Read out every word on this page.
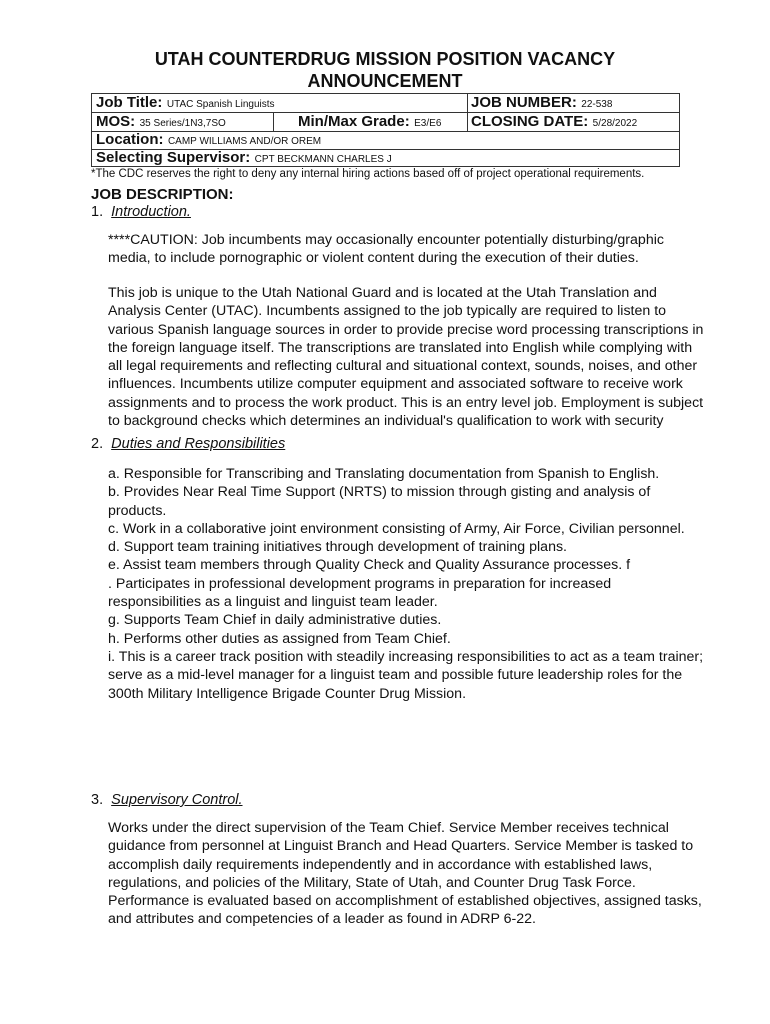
UTAH COUNTERDRUG MISSION POSITION VACANCY
ANNOUNCEMENT
Job Title: UTAC Spanish Linguists	JOB NUMBER: 22-538
MOS: 35 Series/1N3,7SO	Min/Max Grade: E3/E6 CLOSING DATE: 5/28/2022
Location: CAMP WILLIAMS AND/OR OREM
Selecting Supervisor: CPT BECKMANN CHARLES J
*The CDC reserves the right to deny any internal hiring actions based off of project operational requirements.
JOB DESCRIPTION:
1. Introduction.

****CAUTION: Job incumbents may occasionally encounter potentially disturbing/graphic

media, to include pornographic or violent content during the execution of their duties.

This job is unique to the Utah National Guard and is located at the Utah Translation and

Analysis Center (UTAC). Incumbents assigned to the job typically are required to listen to

various Spanish language sources in order to provide precise word processing transcriptions in

the foreign language itself. The transcriptions are translated into English while complying with

all legal requirements and reflecting cultural and situational context, sounds, noises, and other

influences. Incumbents utilize computer equipment and associated software to receive work

assignments and to process the work product. This is an entry level job. Employment is subject

to background checks which determines an individual's qualification to work with security

2. Duties and Responsibilities

a. Responsible for Transcribing and Translating documentation from Spanish to English.

b. Provides Near Real Time Support (NRTS) to mission through gisting and analysis of

products.

c. Work in a collaborative joint environment consisting of Army, Air Force, Civilian personnel.

d. Support team training initiatives through development of training plans.

e. Assist team members through Quality Check and Quality Assurance processes. f

. Participates in professional development programs in preparation for increased

responsibilities as a linguist and linguist team leader.

g. Supports Team Chief in daily administrative duties.

h. Performs other duties as assigned from Team Chief.

i. This is a career track position with steadily increasing responsibilities to act as a team trainer;

serve as a mid-level manager for a linguist team and possible future leadership roles for the

300th Military Intelligence Brigade Counter Drug Mission.

3. Supervisory Control.

Works under the direct supervision of the Team Chief. Service Member receives technical

guidance from personnel at Linguist Branch and Head Quarters. Service Member is tasked to

accomplish daily requirements independently and in accordance with established laws,

regulations, and policies of the Military, State of Utah, and Counter Drug Task Force.

Performance is evaluated based on accomplishment of established objectives, assigned tasks,

and attributes and competencies of a leader as found in ADRP 6-22.
